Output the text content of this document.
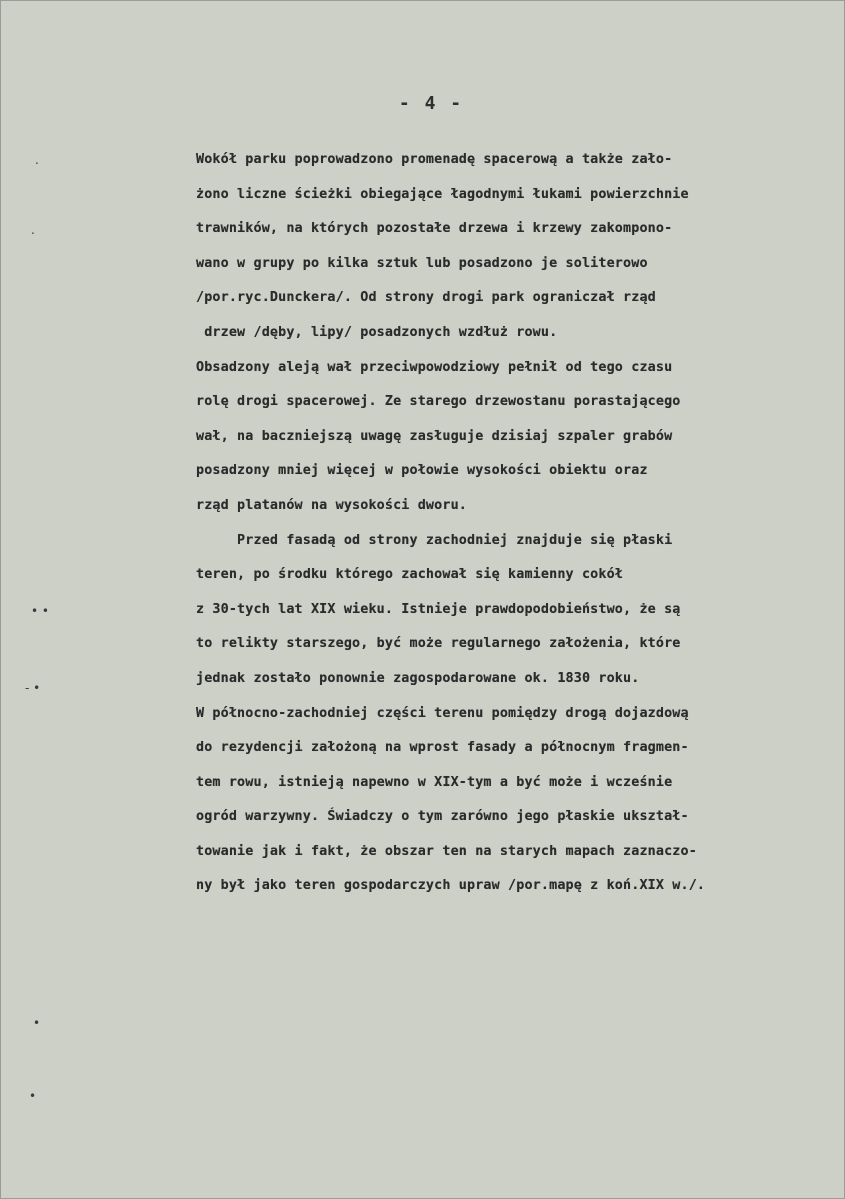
- 4 -
.
.
• •
- •
•
•
Wokół parku poprowadzono promenadę spacerową a także zało-
żono liczne ścieżki obiegające łagodnymi łukami powierzchnie
trawników, na których pozostałe drzewa i krzewy zakompono-
wano w grupy po kilka sztuk lub posadzono je soliterowo
/por.ryc.Dunckera/. Od strony drogi park ograniczał rząd
drzew /dęby, lipy/ posadzonych wzdłuż rowu.
Obsadzony aleją wał przeciwpowodziowy pełnił od tego czasu
rolę drogi spacerowej. Ze starego drzewostanu porastającego
wał, na baczniejszą uwagę zasługuje dzisiaj szpaler grabów
posadzony mniej więcej w połowie wysokości obiektu oraz
rząd platanów na wysokości dworu.
Przed fasadą od strony zachodniej znajduje się płaski
teren, po środku którego zachował się kamienny cokół
z 30-tych lat XIX wieku. Istnieje prawdopodobieństwo, że są
to relikty starszego, być może regularnego założenia, które
jednak zostało ponownie zagospodarowane ok. 1830 roku.
W północno-zachodniej części terenu pomiędzy drogą dojazdową
do rezydencji założoną na wprost fasady a północnym fragmen-
tem rowu, istnieją napewno w XIX-tym a być może i wcześnie
ogród warzywny. Świadczy o tym zarówno jego płaskie ukształ-
towanie jak i fakt, że obszar ten na starych mapach zaznaczo-
ny był jako teren gospodarczych upraw /por.mapę z koń.XIX w./.
